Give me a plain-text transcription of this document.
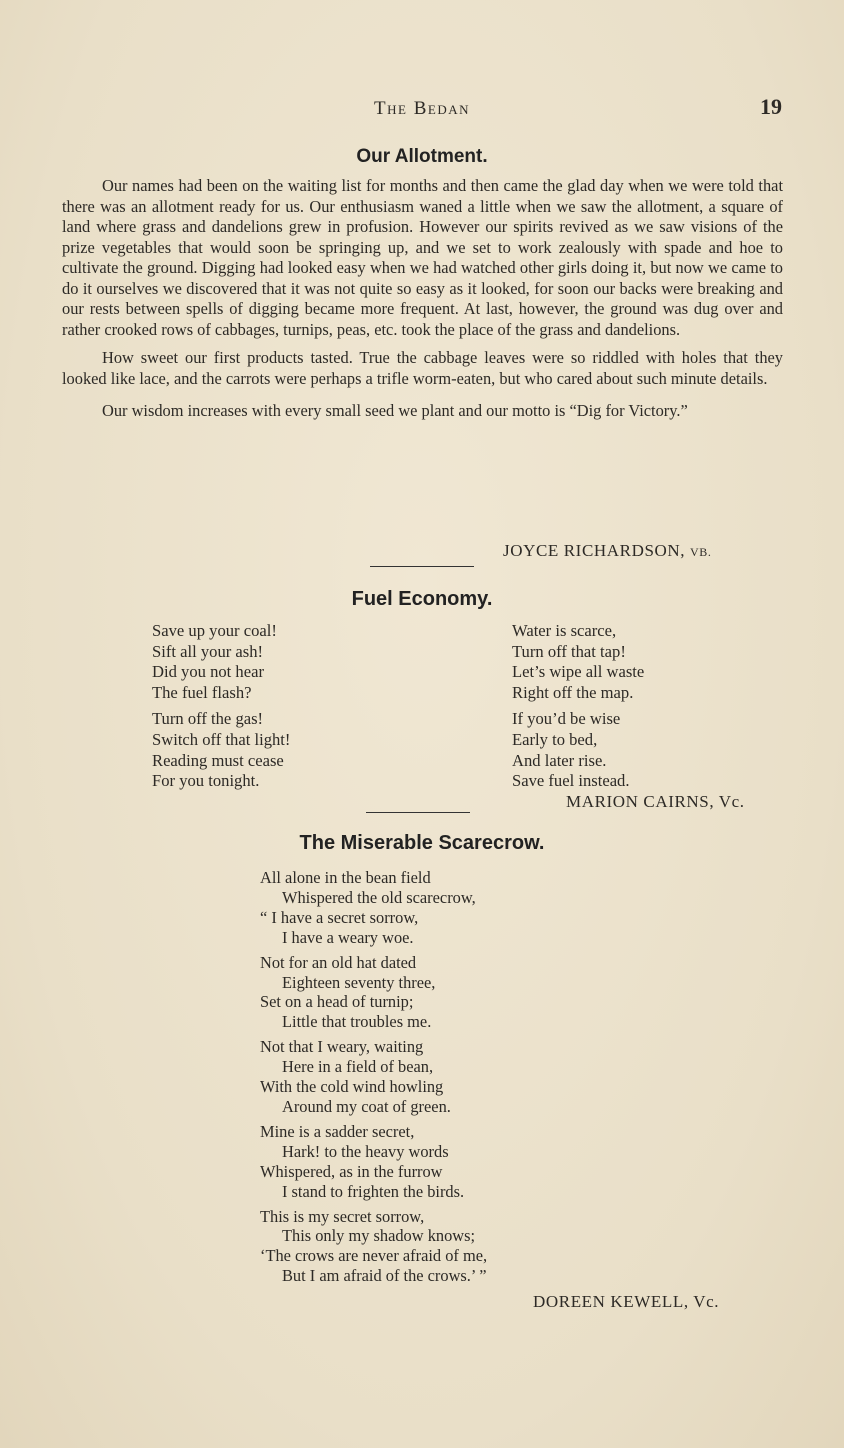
The Bedan	19
Our Allotment.

Our names had been on the waiting list for months and then came the glad day when we were told that there was an allotment ready for us. Our enthusiasm waned a little when we saw the allotment, a square of land where grass and dandelions grew in profusion. However our spirits revived as we saw visions of the prize vegetables that would soon be springing up, and we set to work zealously with spade and hoe to cultivate the ground. Digging had looked easy when we had watched other girls doing it, but now we came to do it ourselves we discovered that it was not quite so easy as it looked, for soon our backs were breaking and our rests between spells of digging became more frequent. At last, however, the ground was dug over and rather crooked rows of cabbages, turnips, peas, etc. took the place of the grass and dandelions.

How sweet our first products tasted. True the cabbage leaves were so riddled with holes that they looked like lace, and the carrots were perhaps a trifle worm-eaten, but who cared about such minute details.

Our wisdom increases with every small seed we plant and our motto is “Dig for Victory.”

JOYCE RICHARDSON, VB.
Fuel Economy.
Save up your coal!
Sift all your ash!
Did you not hear
The fuel flash?
Turn off the gas!
Switch off that light!
Reading must cease
For you tonight.
Water is scarce,
Turn off that tap!
Let’s wipe all waste
Right off the map.
If you’d be wise
Early to bed,
And later rise.
Save fuel instead.
MARION CAIRNS, Vc.
The Miserable Scarecrow.
All alone in the bean field
Whispered the old scarecrow,
“ I have a secret sorrow,
I have a weary woe.
Not for an old hat dated
Eighteen seventy three,
Set on a head of turnip;
Little that troubles me.
Not that I weary, waiting
Here in a field of bean,
With the cold wind howling
Around my coat of green.
Mine is a sadder secret,
Hark! to the heavy words
Whispered, as in the furrow
I stand to frighten the birds.
This is my secret sorrow,
This only my shadow knows;
‘The crows are never afraid of me,
But I am afraid of the crows.’ ”
DOREEN KEWELL, Vc.
